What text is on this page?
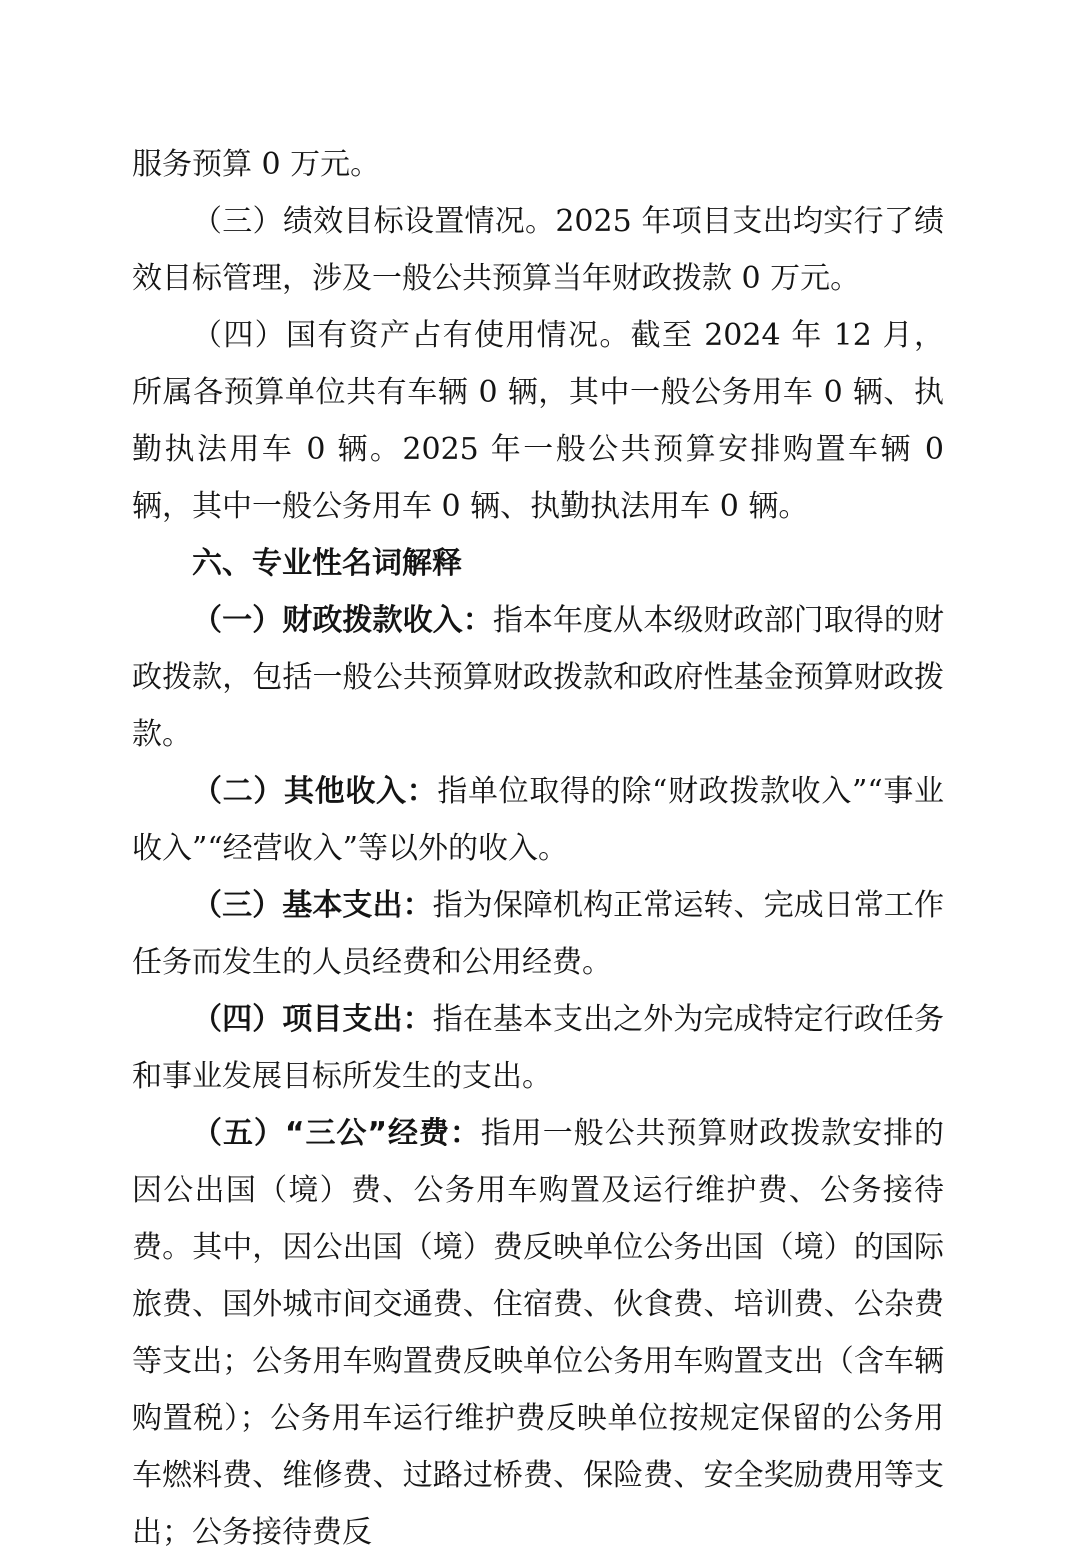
服务预算 0 万元。

（三）绩效目标设置情况。2025 年项目支出均实行了绩效目标管理，涉及一般公共预算当年财政拨款 0 万元。

（四）国有资产占有使用情况。截至 2024 年 12 月，所属各预算单位共有车辆 0 辆，其中一般公务用车 0 辆、执勤执法用车 0 辆。2025 年一般公共预算安排购置车辆 0 辆，其中一般公务用车 0 辆、执勤执法用车 0 辆。

六、专业性名词解释

（一）财政拨款收入：指本年度从本级财政部门取得的财政拨款，包括一般公共预算财政拨款和政府性基金预算财政拨款。

（二）其他收入：指单位取得的除“财政拨款收入”“事业收入”“经营收入”等以外的收入。

（三）基本支出：指为保障机构正常运转、完成日常工作任务而发生的人员经费和公用经费。

（四）项目支出：指在基本支出之外为完成特定行政任务和事业发展目标所发生的支出。

（五）“三公”经费：指用一般公共预算财政拨款安排的因公出国（境）费、公务用车购置及运行维护费、公务接待费。其中，因公出国（境）费反映单位公务出国（境）的国际旅费、国外城市间交通费、住宿费、伙食费、培训费、公杂费等支出；公务用车购置费反映单位公务用车购置支出（含车辆购置税）；公务用车运行维护费反映单位按规定保留的公务用车燃料费、维修费、过路过桥费、保险费、安全奖励费用等支出；公务接待费反
